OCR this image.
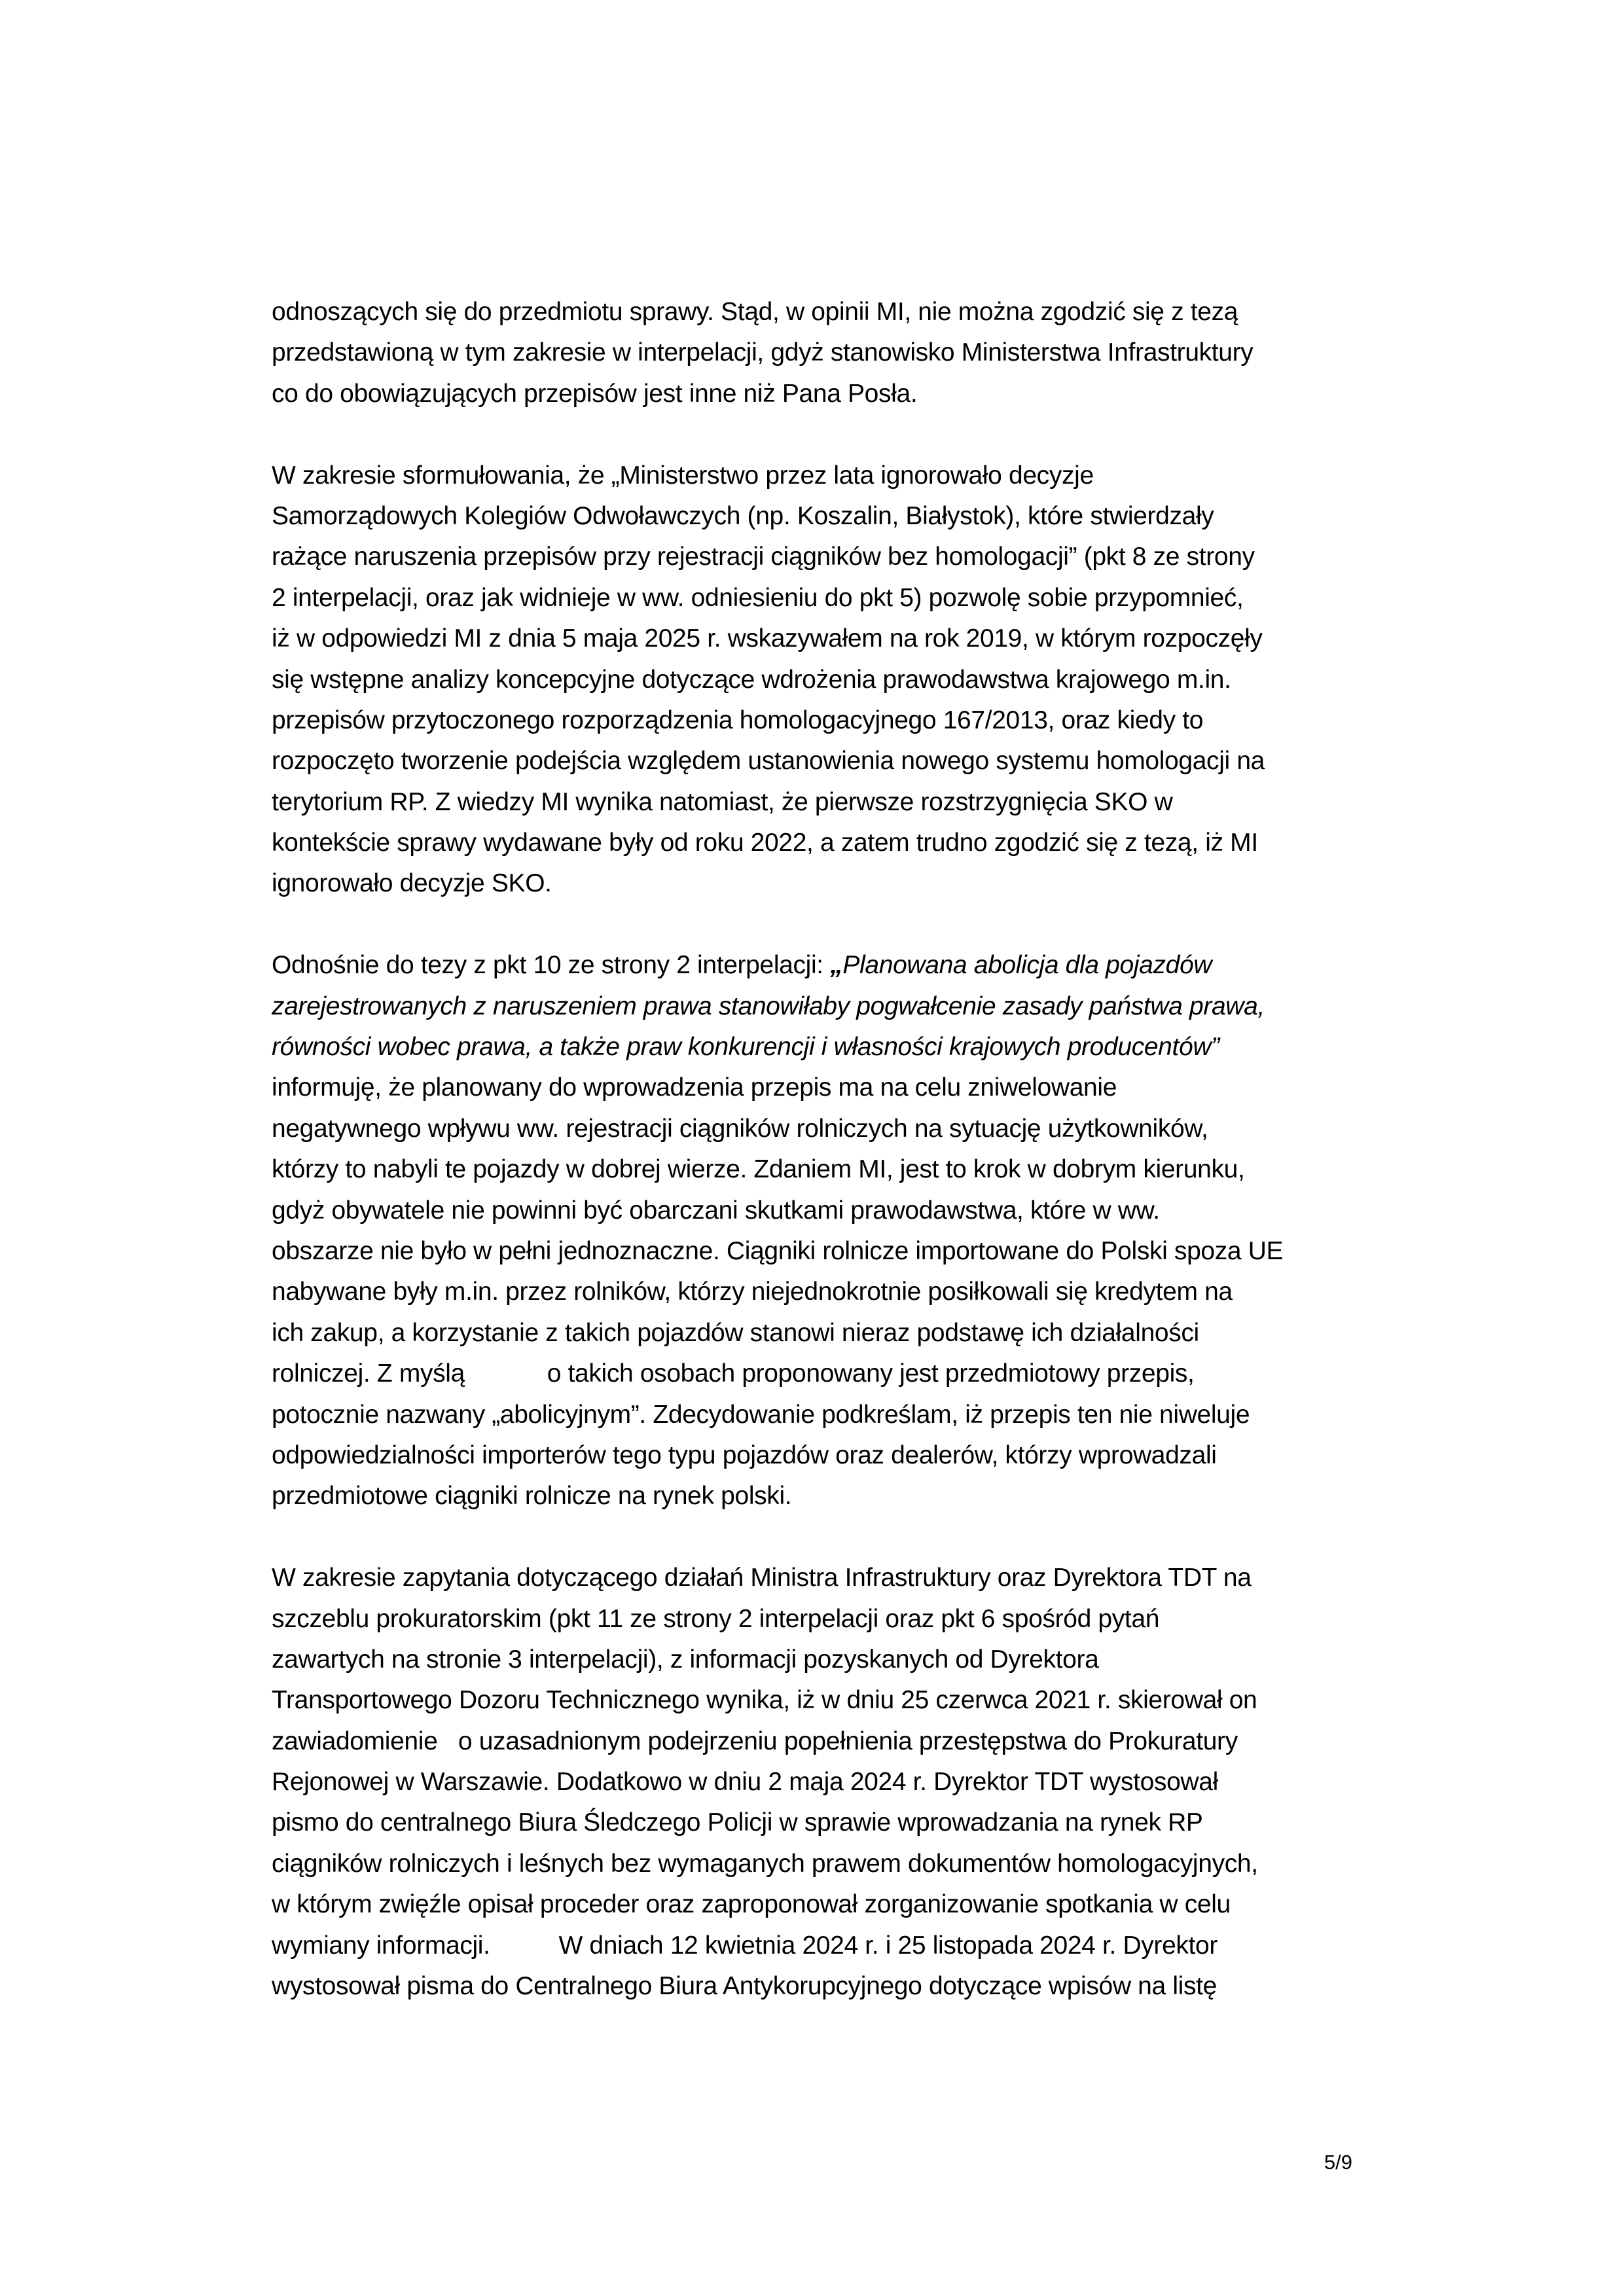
odnoszących się do przedmiotu sprawy. Stąd, w opinii MI, nie można zgodzić się z tezą
przedstawioną w tym zakresie w interpelacji, gdyż stanowisko Ministerstwa Infrastruktury
co do obowiązujących przepisów jest inne niż Pana Posła.
W zakresie sformułowania, że „Ministerstwo przez lata ignorowało decyzje
Samorządowych Kolegiów Odwoławczych (np. Koszalin, Białystok), które stwierdzały
rażące naruszenia przepisów przy rejestracji ciągników bez homologacji” (pkt 8 ze strony
2 interpelacji, oraz jak widnieje w ww. odniesieniu do pkt 5) pozwolę sobie przypomnieć,
iż w odpowiedzi MI z dnia 5 maja 2025 r. wskazywałem na rok 2019, w którym rozpoczęły
się wstępne analizy koncepcyjne dotyczące wdrożenia prawodawstwa krajowego m.in.
przepisów przytoczonego rozporządzenia homologacyjnego 167/2013, oraz kiedy to
rozpoczęto tworzenie podejścia względem ustanowienia nowego systemu homologacji na
terytorium RP. Z wiedzy MI wynika natomiast, że pierwsze rozstrzygnięcia SKO w
kontekście sprawy wydawane były od roku 2022, a zatem trudno zgodzić się z tezą, iż MI
ignorowało decyzje SKO.
Odnośnie do tezy z pkt 10 ze strony 2 interpelacji: „Planowana abolicja dla pojazdów
zarejestrowanych z naruszeniem prawa stanowiłaby pogwałcenie zasady państwa prawa,
równości wobec prawa, a także praw konkurencji i własności krajowych producentów”
informuję, że planowany do wprowadzenia przepis ma na celu zniwelowanie
negatywnego wpływu ww. rejestracji ciągników rolniczych na sytuację użytkowników,
którzy to nabyli te pojazdy w dobrej wierze. Zdaniem MI, jest to krok w dobrym kierunku,
gdyż obywatele nie powinni być obarczani skutkami prawodawstwa, które w ww.
obszarze nie było w pełni jednoznaczne. Ciągniki rolnicze importowane do Polski spoza UE
nabywane były m.in. przez rolników, którzy niejednokrotnie posiłkowali się kredytem na
ich zakup, a korzystanie z takich pojazdów stanowi nieraz podstawę ich działalności
rolniczej. Z myślą            o takich osobach proponowany jest przedmiotowy przepis,
potocznie nazwany „abolicyjnym”. Zdecydowanie podkreślam, iż przepis ten nie niweluje
odpowiedzialności importerów tego typu pojazdów oraz dealerów, którzy wprowadzali
przedmiotowe ciągniki rolnicze na rynek polski.
W zakresie zapytania dotyczącego działań Ministra Infrastruktury oraz Dyrektora TDT na
szczeblu prokuratorskim (pkt 11 ze strony 2 interpelacji oraz pkt 6 spośród pytań
zawartych na stronie 3 interpelacji), z informacji pozyskanych od Dyrektora
Transportowego Dozoru Technicznego wynika, iż w dniu 25 czerwca 2021 r. skierował on
zawiadomienie   o uzasadnionym podejrzeniu popełnienia przestępstwa do Prokuratury
Rejonowej w Warszawie. Dodatkowo w dniu 2 maja 2024 r. Dyrektor TDT wystosował
pismo do centralnego Biura Śledczego Policji w sprawie wprowadzania na rynek RP
ciągników rolniczych i leśnych bez wymaganych prawem dokumentów homologacyjnych,
w którym zwięźle opisał proceder oraz zaproponował zorganizowanie spotkania w celu
wymiany informacji.          W dniach 12 kwietnia 2024 r. i 25 listopada 2024 r. Dyrektor
wystosował pisma do Centralnego Biura Antykorupcyjnego dotyczące wpisów na listę
5/9
